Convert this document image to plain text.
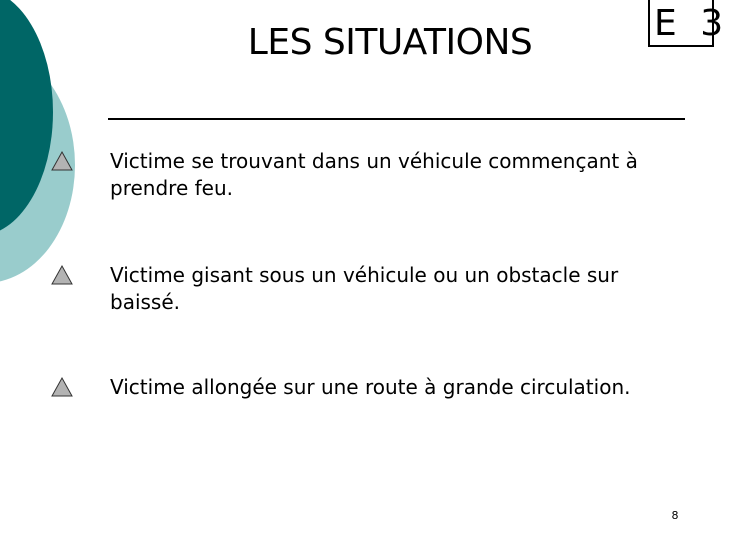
LES SITUATIONS	E 3
Victime se trouvant dans un véhicule commençant à prendre feu.
Victime gisant sous un véhicule ou un obstacle sur baissé.
Victime allongée sur une route à grande circulation.
8
